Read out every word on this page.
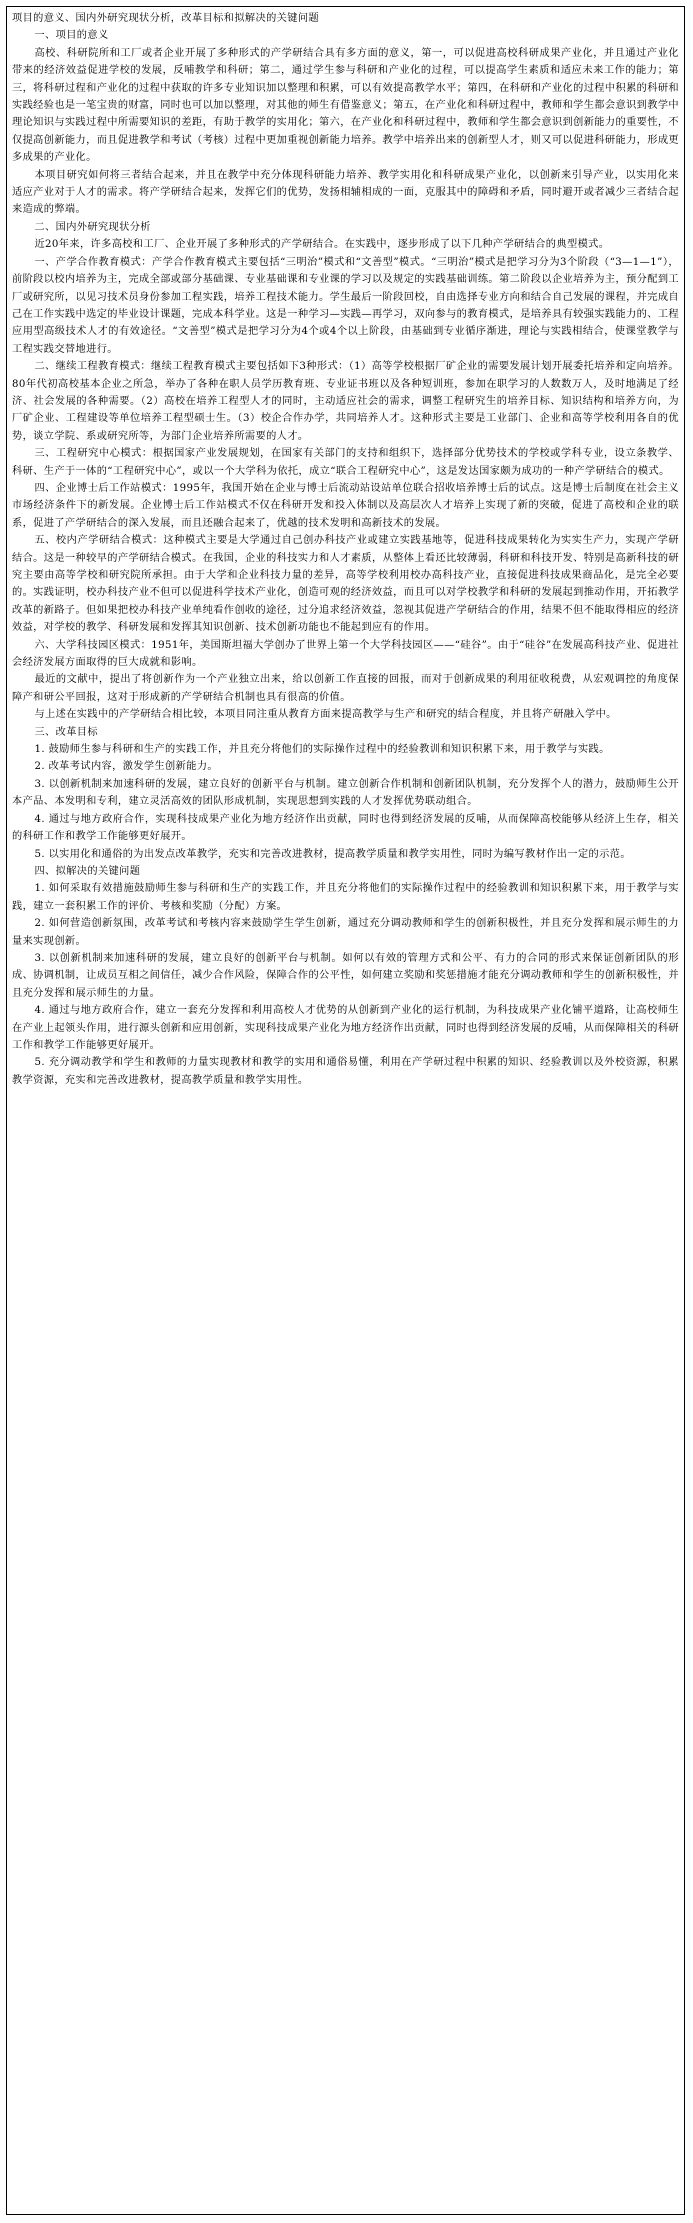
项目的意义、国内外研究现状分析，改革目标和拟解决的关键问题

一、项目的意义

高校、科研院所和工厂或者企业开展了多种形式的产学研结合具有多方面的意义，第一，可以促进高校科研成果产业化，并且通过产业化带来的经济效益促进学校的发展，反哺教学和科研；第二，通过学生参与科研和产业化的过程，可以提高学生素质和适应未来工作的能力；第三，将科研过程和产业化的过程中获取的许多专业知识加以整理和积累，可以有效提高教学水平；第四，在科研和产业化的过程中积累的科研和实践经验也是一笔宝贵的财富，同时也可以加以整理，对其他的师生有借鉴意义；第五，在产业化和科研过程中，教师和学生都会意识到教学中理论知识与实践过程中所需要知识的差距，有助于教学的实用化；第六，在产业化和科研过程中，教师和学生都会意识到创新能力的重要性，不仅提高创新能力，而且促进教学和考试（考核）过程中更加重视创新能力培养。教学中培养出来的创新型人才，则又可以促进科研能力，形成更多成果的产业化。

本项目研究如何将三者结合起来，并且在教学中充分体现科研能力培养、教学实用化和科研成果产业化，以创新来引导产业，以实用化来适应产业对于人才的需求。将产学研结合起来，发挥它们的优势，发扬相辅相成的一面，克服其中的障碍和矛盾，同时避开或者减少三者结合起来造成的弊端。

二、国内外研究现状分析

近20年来，许多高校和工厂、企业开展了多种形式的产学研结合。在实践中，逐步形成了以下几种产学研结合的典型模式。

一、产学合作教育模式：产学合作教育模式主要包括“三明治”模式和“文善型”模式。“三明治”模式是把学习分为3个阶段（“3—1—1”），前阶段以校内培养为主，完成全部或部分基础课、专业基础课和专业课的学习以及规定的实践基础训练。第二阶段以企业培养为主，预分配到工厂或研究所，以见习技术员身份参加工程实践，培养工程技术能力。学生最后一阶段回校，自由选择专业方向和结合自己发展的课程，并完成自己在工作实践中选定的毕业设计课题，完成本科学业。这是一种学习—实践—再学习，双向参与的教育模式，是培养具有较强实践能力的、工程应用型高级技术人才的有效途径。“文善型”模式是把学习分为4个或4个以上阶段，由基础到专业循序渐进，理论与实践相结合，使课堂教学与工程实践交替地进行。

二、继续工程教育模式：继续工程教育模式主要包括如下3种形式：（1）高等学校根据厂矿企业的需要发展计划开展委托培养和定向培养。80年代初高校基本企业之所急，举办了各种在职人员学历教育班、专业证书班以及各种短训班，参加在职学习的人数数万人，及时地满足了经济、社会发展的各种需要。（2）高校在培养工程型人才的同时，主动适应社会的需求，调整工程研究生的培养目标、知识结构和培养方向，为厂矿企业、工程建设等单位培养工程型硕士生。（3）校企合作办学，共同培养人才。这种形式主要是工业部门、企业和高等学校利用各自的优势，谈立学院、系或研究所等，为部门企业培养所需要的人才。

三、工程研究中心模式：根据国家产业发展规划，在国家有关部门的支持和组织下，选择部分优势技术的学校或学科专业，设立条教学、科研、生产于一体的“工程研究中心”，或以一个大学科为依托，成立“联合工程研究中心”，这是发达国家颇为成功的一种产学研结合的模式。

四、企业博士后工作站模式：1995年，我国开始在企业与博士后流动站设站单位联合招收培养博士后的试点。这是博士后制度在社会主义市场经济条件下的新发展。企业博士后工作站模式不仅在科研开发和投入体制以及高层次人才培养上实现了新的突破，促进了高校和企业的联系，促进了产学研结合的深入发展，而且还融合起来了，优越的技术发明和高新技术的发展。

五、校内产学研结合模式：这种模式主要是大学通过自己创办科技产业或建立实践基地等，促进科技成果转化为实实生产力，实现产学研结合。这是一种较早的产学研结合模式。在我国，企业的科技实力和人才素质，从整体上看还比较薄弱，科研和科技开发、特别是高新科技的研究主要由高等学校和研究院所承担。由于大学和企业科技力量的差异，高等学校利用校办高科技产业，直接促进科技成果商品化，是完全必要的。实践证明，校办科技产业不但可以促进科学技术产业化，创造可观的经济效益，而且可以对学校教学和科研的发展起到推动作用，开拓教学改革的新路子。但如果把校办科技产业单纯看作创收的途径，过分追求经济效益，忽视其促进产学研结合的作用，结果不但不能取得相应的经济效益，对学校的教学、科研发展和发挥其知识创新、技术创新功能也不能起到应有的作用。

六、大学科技园区模式：1951年，美国斯坦福大学创办了世界上第一个大学科技园区——“硅谷”。由于“硅谷”在发展高科技产业、促进社会经济发展方面取得的巨大成就和影响。

最近的文献中，提出了将创新作为一个产业独立出来，给以创新工作直接的回报，而对于创新成果的利用征收税费，从宏观调控的角度保障产和研公平回报，这对于形成新的产学研结合机制也具有很高的价值。

与上述在实践中的产学研结合相比较，本项目同注重从教育方面来提高教学与生产和研究的结合程度，并且将产研融入学中。

三、改革目标

1. 鼓励师生参与科研和生产的实践工作，并且充分将他们的实际操作过程中的经验教训和知识积累下来，用于教学与实践。

2. 改革考试内容，激发学生创新能力。

3. 以创新机制来加速科研的发展，建立良好的创新平台与机制。建立创新合作机制和创新团队机制，充分发挥个人的潜力，鼓励师生公开本产品、本发明和专利，建立灵活高效的团队形成机制，实现思想到实践的人才发挥优势联动组合。

4. 通过与地方政府合作，实现科技成果产业化为地方经济作出贡献，同时也得到经济发展的反哺，从而保障高校能够从经济上生存，相关的科研工作和教学工作能够更好展开。

5. 以实用化和通俗的为出发点改革教学，充实和完善改进教材，提高教学质量和教学实用性，同时为编写教材作出一定的示范。

四、拟解决的关键问题

1. 如何采取有效措施鼓励师生参与科研和生产的实践工作，并且充分将他们的实际操作过程中的经验教训和知识积累下来，用于教学与实践，建立一套积累工作的评价、考核和奖励（分配）方案。

2. 如何营造创新氛围，改革考试和考核内容来鼓励学生学生创新，通过充分调动教师和学生的创新积极性，并且充分发挥和展示师生的力量来实现创新。

3. 以创新机制来加速科研的发展，建立良好的创新平台与机制。如何以有效的管理方式和公平、有力的合同的形式来保证创新团队的形成、协调机制，让成员互相之间信任，减少合作风险，保障合作的公平性，如何建立奖励和奖惩措施才能充分调动教师和学生的创新积极性，并且充分发挥和展示师生的力量。

4. 通过与地方政府合作，建立一套充分发挥和利用高校人才优势的从创新到产业化的运行机制，为科技成果产业化铺平道路，让高校师生在产业上起领头作用，进行源头创新和应用创新，实现科技成果产业化为地方经济作出贡献，同时也得到经济发展的反哺，从而保障相关的科研工作和教学工作能够更好展开。

5. 充分调动教学和学生和教师的力量实现教材和教学的实用和通俗易懂，利用在产学研过程中积累的知识、经验教训以及外校资源，积累教学资源，充实和完善改进教材，提高教学质量和教学实用性。
